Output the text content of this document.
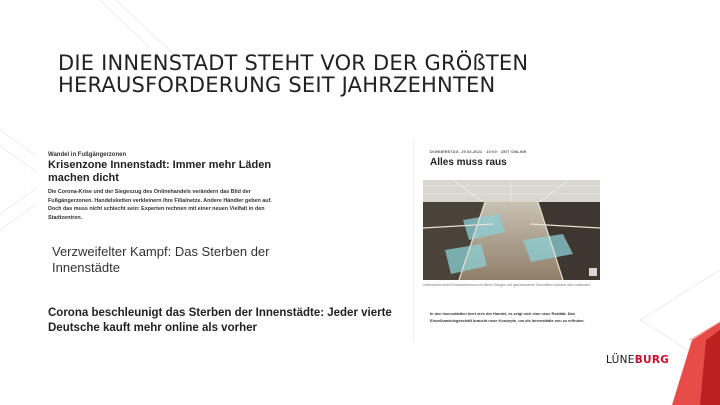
DIE INNENSTADT STEHT VOR DER GRÖßTEN
HERAUSFORDERUNG SEIT JAHRZEHNTEN
Wandel in Fußgängerzonen
Krisenzone Innenstadt: Immer mehr Läden machen dicht
Die Corona-Krise und der Siegeszug des Onlinehandels verändern das Bild der Fußgängerzonen. Handelsketten verkleinern ihre Filialnetze. Andere Händler geben auf. Doch das muss nicht schlecht sein: Experten rechnen mit einer neuen Vielfalt in den Stadtzentren.
Verzweifelter Kampf: Das Sterben der Innenstädte
Corona beschleunigt das Sterben der Innenstädte: Jeder vierte Deutsche kauft mehr online als vorher
DONNERSTAG, 29.04.2021 · 10:00 · ZEIT ONLINE
Alles muss raus
Innenansicht eines Einkaufszentrums mit leeren Gängen und geschlossenen Geschäften während des Lockdowns.
In den Innenstädten leert sich der Handel, es zeigt sich eine neue Realität. Das Einzelhandelsgeschäft braucht neue Konzepte, um die Innenstädte neu zu erfinden.
LÜNEBURG
